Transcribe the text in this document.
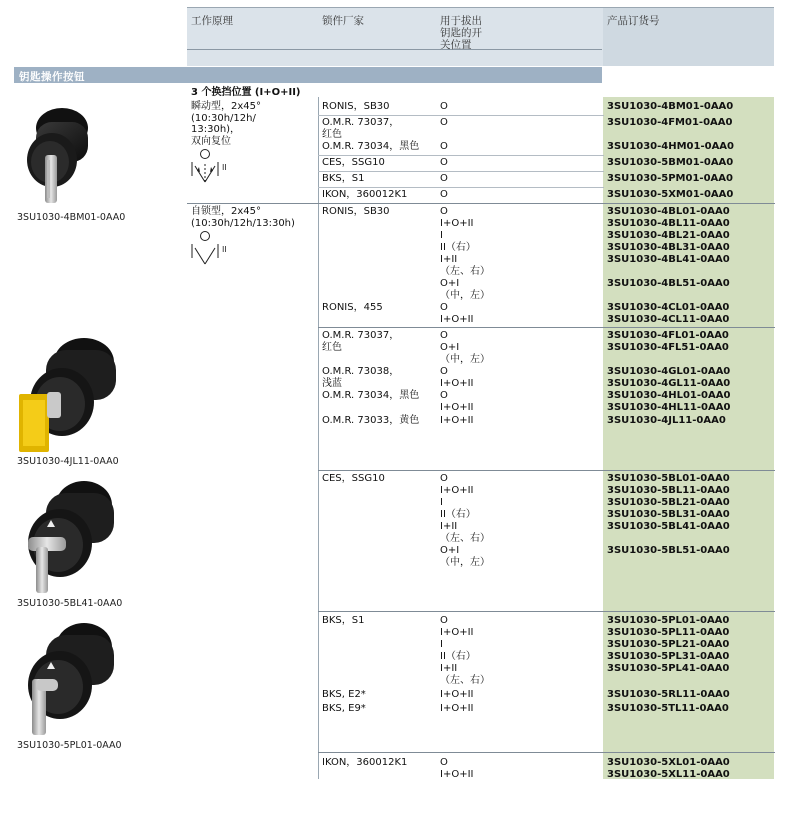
工作原理	锁件厂家	用于拔出
钥匙的开
关位置
产品订货号
钥匙操作按钮
3 个换挡位置 (I+O+II)
瞬动型，2x45°
(10:30h/12h/
13:30h)，
双向复位
II
自锁型，2x45°
(10:30h/12h/13:30h)
II
RONIS，SB30	O	3SU1030-4BM01-0AA0
O.M.R. 73037，	O	3SU1030-4FM01-0AA0
红色
O.M.R. 73034，黑色 O	3SU1030-4HM01-0AA0
CES，SSG10	O	3SU1030-5BM01-0AA0
BKS，S1	O	3SU1030-5PM01-0AA0
IKON，360012K1	O	3SU1030-5XM01-0AA0
RONIS，SB30	O	3SU1030-4BL01-0AA0
I+O+II	3SU1030-4BL11-0AA0
I	3SU1030-4BL21-0AA0
II（右）	3SU1030-4BL31-0AA0
I+II	3SU1030-4BL41-0AA0
（左、右）
O+I	3SU1030-4BL51-0AA0
（中，左）
RONIS，455	O	3SU1030-4CL01-0AA0
I+O+II	3SU1030-4CL11-0AA0
O.M.R. 73037，	O	3SU1030-4FL01-0AA0
红色	O+I	3SU1030-4FL51-0AA0
（中，左）
O.M.R. 73038，	O	3SU1030-4GL01-0AA0
浅蓝	I+O+II	3SU1030-4GL11-0AA0
O.M.R. 73034，黑色 O	3SU1030-4HL01-0AA0
I+O+II	3SU1030-4HL11-0AA0
O.M.R. 73033，黄色 I+O+II	3SU1030-4JL11-0AA0
CES，SSG10	O	3SU1030-5BL01-0AA0
I+O+II	3SU1030-5BL11-0AA0
I	3SU1030-5BL21-0AA0
II（右）	3SU1030-5BL31-0AA0
I+II	3SU1030-5BL41-0AA0
（左、右）
O+I	3SU1030-5BL51-0AA0
（中，左）
BKS，S1	O	3SU1030-5PL01-0AA0
I+O+II	3SU1030-5PL11-0AA0
I	3SU1030-5PL21-0AA0
II（右）	3SU1030-5PL31-0AA0
I+II	3SU1030-5PL41-0AA0
（左、右）
BKS, E2*	I+O+II	3SU1030-5RL11-0AA0
BKS, E9*	I+O+II	3SU1030-5TL11-0AA0
IKON，360012K1	O	3SU1030-5XL01-0AA0
I+O+II	3SU1030-5XL11-0AA0
3SU1030-4BM01-0AA0
3SU1030-4JL11-0AA0
3SU1030-5BL41-0AA0
3SU1030-5PL01-0AA0
